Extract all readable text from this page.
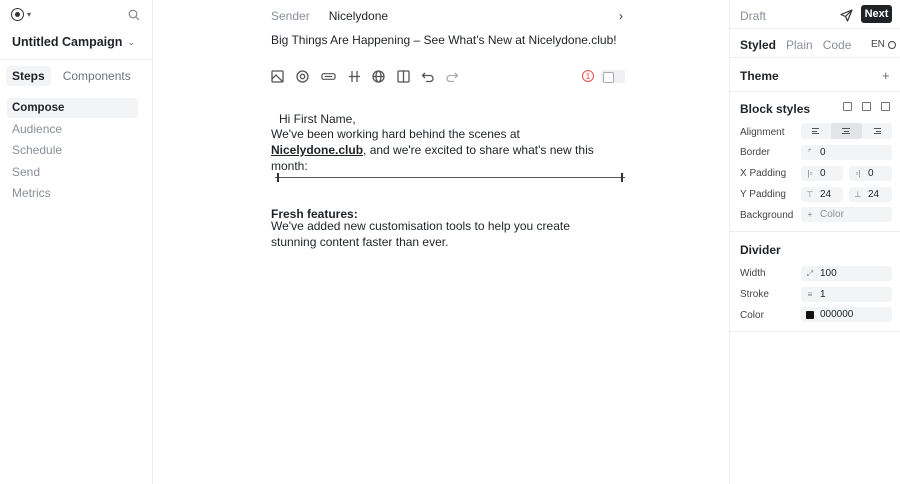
▾
Untitled Campaign ⌄
Steps	Components
Compose
Audience
Schedule
Send
Metrics
Sender Nicelydone	›
Big Things Are Happening – See What's New at Nicelydone.club!
1
Hi First Name,
We've been working hard behind the scenes at Nicelydone.club, and we're excited to share what's new this month:
Fresh features:
We've added new customisation tools to help you create stunning content faster than ever.
Draft	Next
Styled Plain Code EN
Theme	+
Block styles
Alignment
Border	⌜ 0
X Padding	|▫ 0	▫| 0
Y Padding	⊤ 24	⊥ 24
Background + Color
Divider
Width	⤢ 100
Stroke	≡ 1
Color	000000
